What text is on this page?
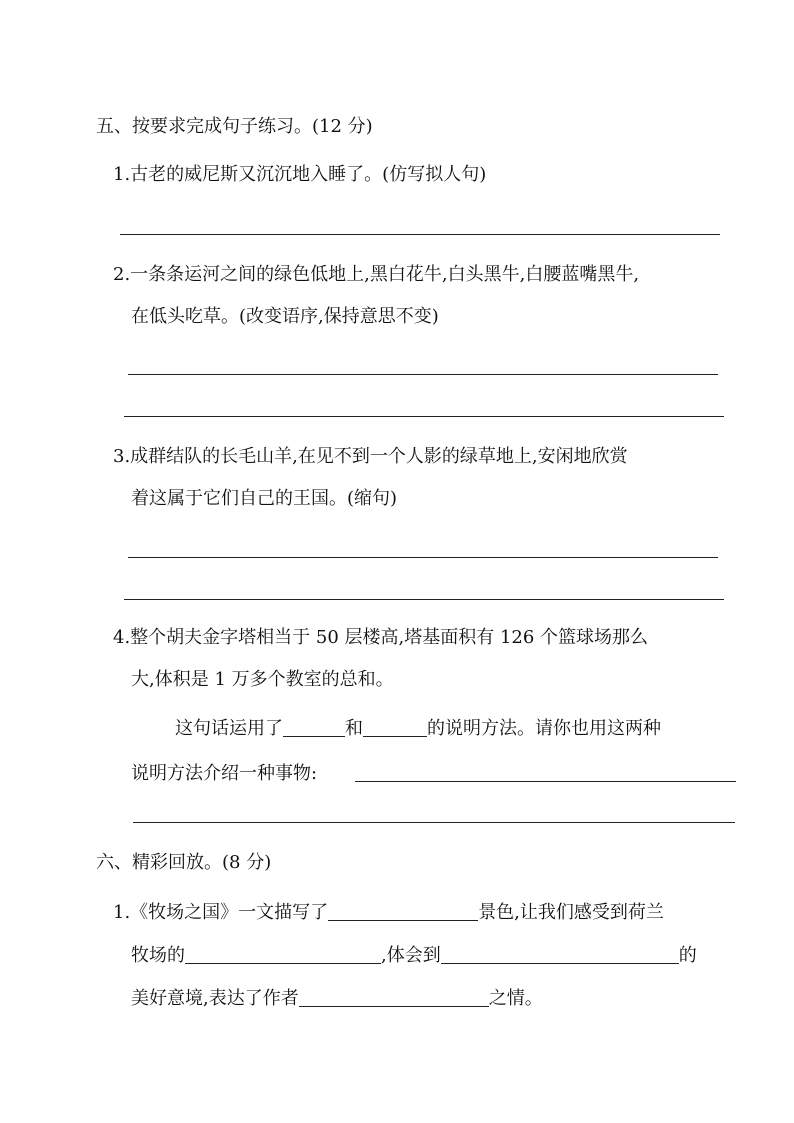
五、按要求完成句子练习。(12 分)
1.古老的威尼斯又沉沉地入睡了。(仿写拟人句)
2.一条条运河之间的绿色低地上,黑白花牛,白头黑牛,白腰蓝嘴黑牛,
在低头吃草。(改变语序,保持意思不变)
3.成群结队的长毛山羊,在见不到一个人影的绿草地上,安闲地欣赏
着这属于它们自己的王国。(缩句)
4.整个胡夫金字塔相当于 50 层楼高,塔基面积有 126 个篮球场那么
大,体积是 1 万多个教室的总和。
这句话运用了	和	的说明方法。请你也用这两种
说明方法介绍一种事物:
六、精彩回放。(8 分)
1.《牧场之国》一文描写了	景色,让我们感受到荷兰
牧场的	,体会到	的
美好意境,表达了作者	之情。
